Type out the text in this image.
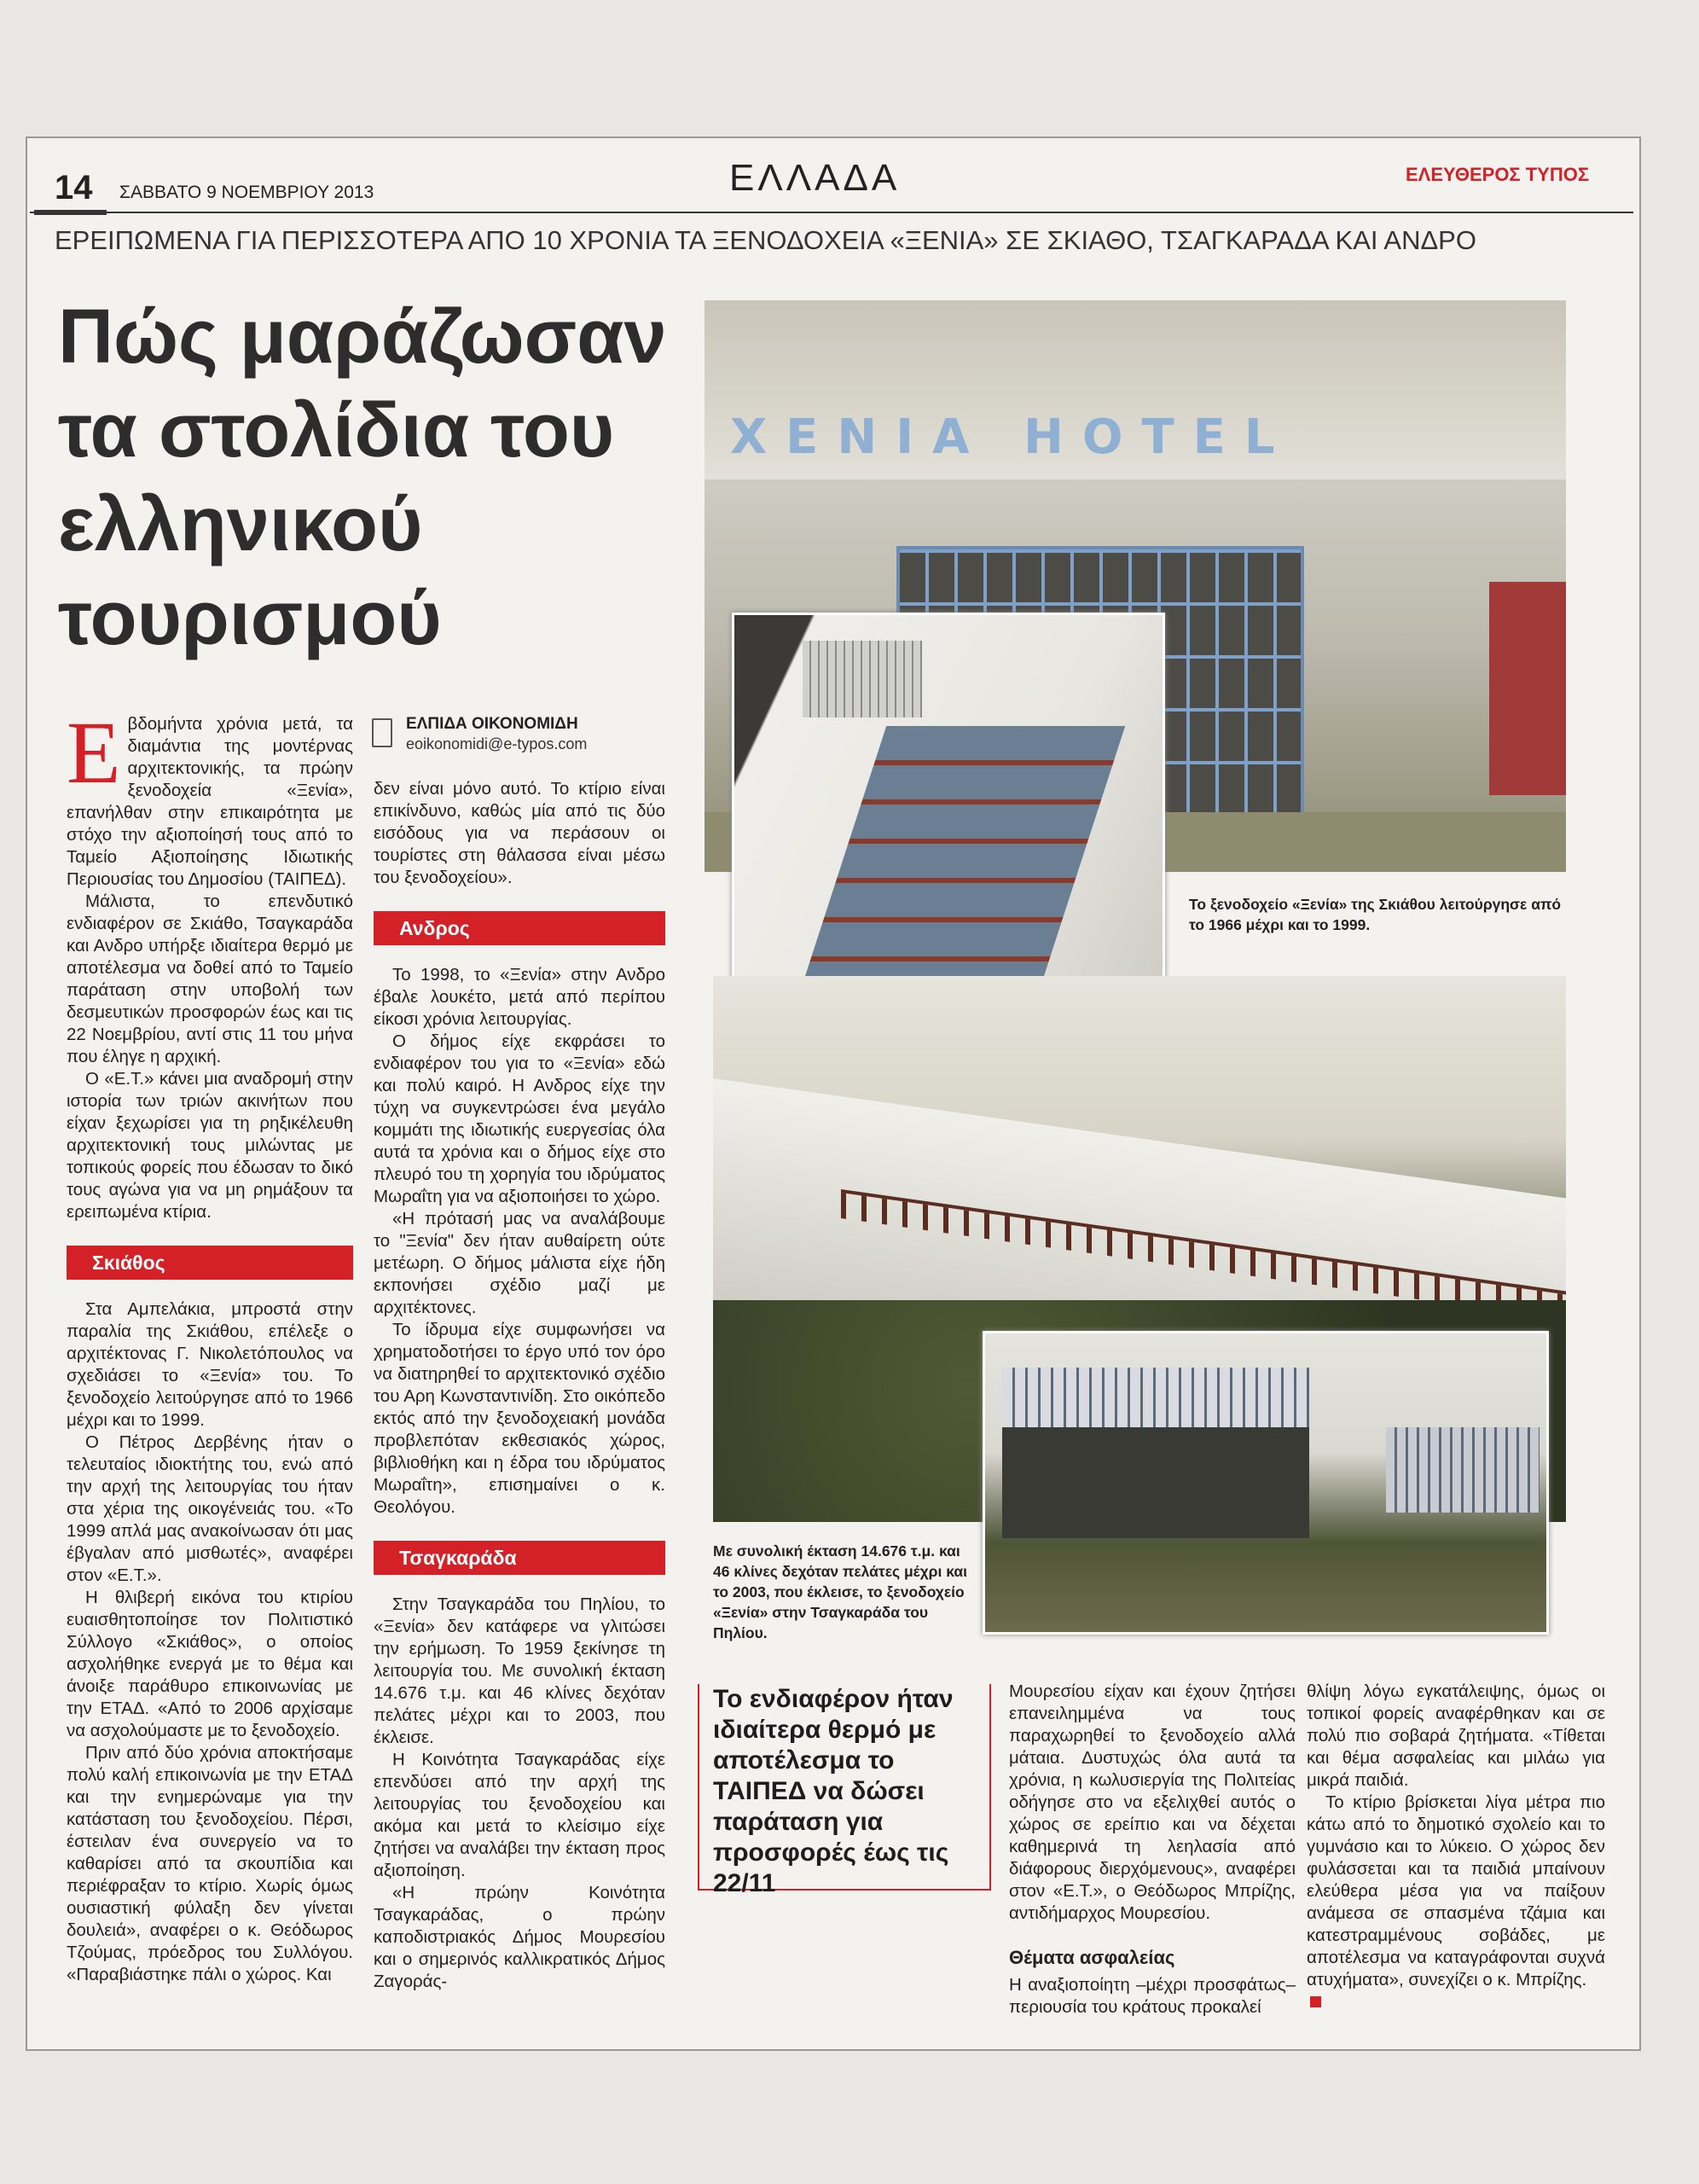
14 ΣΑΒΒΑΤΟ 9 ΝΟΕΜΒΡΙΟΥ 2013	ΕΛΛΑΔΑ	ΕΛΕΥΘΕΡΟΣ ΤΥΠΟΣ
ΕΡΕΙΠΩΜΕΝΑ ΓΙΑ ΠΕΡΙΣΣΟΤΕΡΑ ΑΠΟ 10 ΧΡΟΝΙΑ ΤΑ ΞΕΝΟΔΟΧΕΙΑ «ΞΕΝΙΑ» ΣΕ ΣΚΙΑΘΟ, ΤΣΑΓΚΑΡΑΔΑ ΚΑΙ ΑΝΔΡΟ
Πώς μαράζωσαν τα στολίδια του ελληνικού τουρισμού
ΕΛΠΙΔΑ ΟΙΚΟΝΟΜΙΔΗ
eoikonomidi@e-typos.com
Ε βδομήντα χρόνια μετά, τα διαμάντια της μοντέρνας αρχιτεκτονικής, τα πρώην ξενοδοχεία «Ξενία», επανήλθαν στην επικαιρότητα με στόχο την αξιοποίησή τους από το Ταμείο Αξιοποίησης Ιδιωτικής Περιουσίας του Δημοσίου (ΤΑΙΠΕΔ).

Μάλιστα, το επενδυτικό ενδιαφέρον σε Σκιάθο, Τσαγκαράδα και Ανδρο υπήρξε ιδιαίτερα θερμό με αποτέλεσμα να δοθεί από το Ταμείο παράταση στην υποβολή των δεσμευτικών προσφορών έως και τις 22 Νοεμβρίου, αντί στις 11 του μήνα που έληγε η αρχική.

Ο «Ε.Τ.» κάνει μια αναδρομή στην ιστορία των τριών ακινήτων που είχαν ξεχωρίσει για τη ρηξικέλευθη αρχιτεκτονική τους μιλώντας με τοπικούς φορείς που έδωσαν το δικό τους αγώνα για να μη ρημάξουν τα ερειπωμένα κτίρια.

Σκιάθος

Στα Αμπελάκια, μπροστά στην παραλία της Σκιάθου, επέλεξε ο αρχιτέκτονας Γ. Νικολετόπουλος να σχεδιάσει το «Ξενία» του. Το ξενοδοχείο λειτούργησε από το 1966 μέχρι και το 1999.

Ο Πέτρος Δερβένης ήταν ο τελευταίος ιδιοκτήτης του, ενώ από την αρχή της λειτουργίας του ήταν στα χέρια της οικογένειάς του. «Το 1999 απλά μας ανακοίνωσαν ότι μας έβγαλαν από μισθωτές», αναφέρει στον «Ε.Τ.».

Η θλιβερή εικόνα του κτιρίου ευαισθητοποίησε τον Πολιτιστικό Σύλλογο «Σκιάθος», ο οποίος ασχολήθηκε ενεργά με το θέμα και άνοιξε παράθυρο επικοινωνίας με την ΕΤΑΔ. «Από το 2006 αρχίσαμε να ασχολούμαστε με το ξενοδοχείο.

Πριν από δύο χρόνια αποκτήσαμε πολύ καλή επικοινωνία με την ΕΤΑΔ και την ενημερώναμε για την κατάσταση του ξενοδοχείου. Πέρσι, έστειλαν ένα συνεργείο να το καθαρίσει από τα σκουπίδια και περιέφραξαν το κτίριο. Χωρίς όμως ουσιαστική φύλαξη δεν γίνεται δουλειά», αναφέρει ο κ. Θεόδωρος Τζούμας, πρόεδρος του Συλλόγου. «Παραβιάστηκε πάλι ο χώρος. Και

δεν είναι μόνο αυτό. Το κτίριο είναι επικίνδυνο, καθώς μία από τις δύο εισόδους για να περάσουν οι τουρίστες στη θάλασσα είναι μέσω του ξενοδοχείου».

Ανδρος

Το 1998, το «Ξενία» στην Ανδρο έβαλε λουκέτο, μετά από περίπου είκοσι χρόνια λειτουργίας.

Ο δήμος είχε εκφράσει το ενδιαφέρον του για το «Ξενία» εδώ και πολύ καιρό. Η Ανδρος είχε την τύχη να συγκεντρώσει ένα μεγάλο κομμάτι της ιδιωτικής ευεργεσίας όλα αυτά τα χρόνια και ο δήμος είχε στο πλευρό του τη χορηγία του ιδρύματος Μωραΐτη για να αξιοποιήσει το χώρο.

«Η πρότασή μας να αναλάβουμε το "Ξενία" δεν ήταν αυθαίρετη ούτε μετέωρη. Ο δήμος μάλιστα είχε ήδη εκπονήσει σχέδιο μαζί με αρχιτέκτονες.

Το ίδρυμα είχε συμφωνήσει να χρηματοδοτήσει το έργο υπό τον όρο να διατηρηθεί το αρχιτεκτονικό σχέδιο του Αρη Κωνσταντινίδη. Στο οικόπεδο εκτός από την ξενοδοχειακή μονάδα προβλεπόταν εκθεσιακός χώρος, βιβλιοθήκη και η έδρα του ιδρύματος Μωραΐτη», επισημαίνει ο κ. Θεολόγου.

Τσαγκαράδα

Στην Τσαγκαράδα του Πηλίου, το «Ξενία» δεν κατάφερε να γλιτώσει την ερήμωση. Το 1959 ξεκίνησε τη λειτουργία του. Με συνολική έκταση 14.676 τ.μ. και 46 κλίνες δεχόταν πελάτες μέχρι και το 2003, που έκλεισε.

Η Κοινότητα Τσαγκαράδας είχε επενδύσει από την αρχή της λειτουργίας του ξενοδοχείου και ακόμα και μετά το κλείσιμο είχε ζητήσει να αναλάβει την έκταση προς αξιοποίηση.

«Η πρώην Κοινότητα Τσαγκαράδας, ο πρώην καποδιστριακός Δήμος Μουρεσίου και ο σημερινός καλλικρατικός Δήμος Ζαγοράς-

XENIA HOTEL
Το ξενοδοχείο «Ξενία» της Σκιάθου λειτούργησε από το 1966 μέχρι και το 1999.
Με συνολική έκταση 14.676 τ.μ. και 46 κλίνες δεχόταν πελάτες μέχρι και το 2003, που έκλεισε, το ξενοδοχείο «Ξενία» στην Τσαγκαράδα του Πηλίου.
Το ενδιαφέρον ήταν ιδιαίτερα θερμό με αποτέλεσμα το ΤΑΙΠΕΔ να δώσει παράταση για προσφορές έως τις 22/11

Μουρεσίου είχαν και έχουν ζητήσει επανειλημμένα να τους παραχωρηθεί το ξενοδοχείο αλλά μάταια. Δυστυχώς όλα αυτά τα χρόνια, η κωλυσιεργία της Πολιτείας οδήγησε στο να εξελιχθεί αυτός ο χώρος σε ερείπιο και να δέχεται καθημερινά τη λεηλασία από διάφορους διερχόμενους», αναφέρει στον «Ε.Τ.», ο Θεόδωρος Μπρίζης, αντιδήμαρχος Μουρεσίου.

Θέματα ασφαλείας

Η αναξιοποίητη –μέχρι προσφάτως– περιουσία του κράτους προκαλεί

θλίψη λόγω εγκατάλειψης, όμως οι τοπικοί φορείς αναφέρθηκαν και σε πολύ πιο σοβαρά ζητήματα. «Τίθεται και θέμα ασφαλείας και μιλάω για μικρά παιδιά.

Το κτίριο βρίσκεται λίγα μέτρα πιο κάτω από το δημοτικό σχολείο και το γυμνάσιο και το λύκειο. Ο χώρος δεν φυλάσσεται και τα παιδιά μπαίνουν ελεύθερα μέσα για να παίξουν ανάμεσα σε σπασμένα τζάμια και κατεστραμμένους σοβάδες, με αποτέλεσμα να καταγράφονται συχνά ατυχήματα», συνεχίζει ο κ. Μπρίζης.
